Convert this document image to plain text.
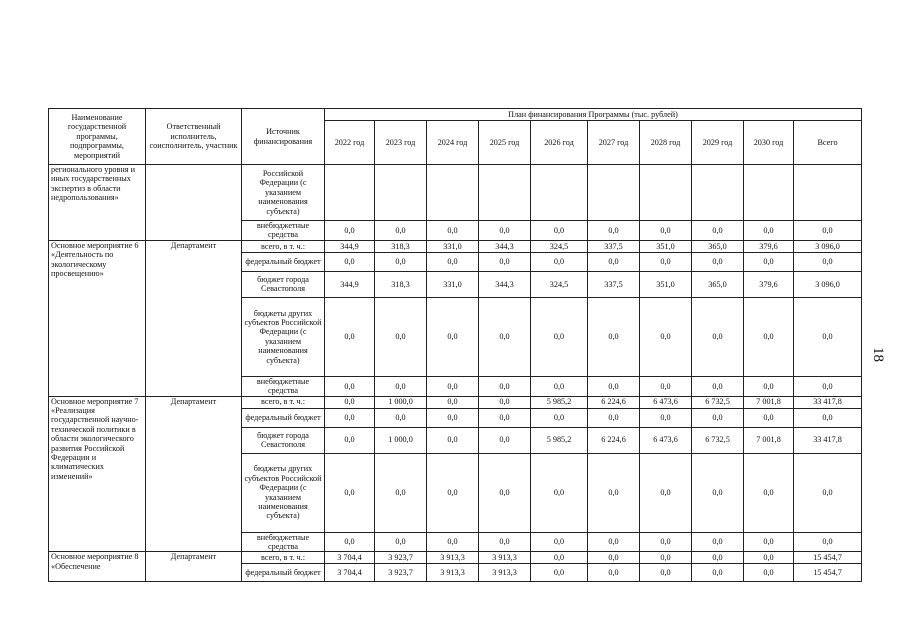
Наименование государственной программы, подпрограммы, мероприятий	Ответственный исполнитель, соисполнитель, участник	Источник финансирования	План финансирования Программы (тыс. рублей)									
			2022 год	2023 год	2024 год	2025 год	2026 год	2027 год	2028 год	2029 год	2030 год	Всего
регионального уровня и иных государственных экспертиз в области недропользования»		Российской Федерации (с указанием наименования субъекта)										
		внебюджетные средства	0,0	0,0	0,0	0,0	0,0	0,0	0,0	0,0	0,0	0,0
Основное мероприятие 6 «Деятельность по экологическому просвещению»	Департамент	всего, в т. ч.:	344,9	318,3	331,0	344,3	324,5	337,5	351,0	365,0	379,6	3 096,0
		федеральный бюджет	0,0	0,0	0,0	0,0	0,0	0,0	0,0	0,0	0,0	0,0
		бюджет города Севастополя	344,9	318,3	331,0	344,3	324,5	337,5	351,0	365,0	379,6	3 096,0
		бюджеты других субъектов Российской Федерации (с указанием наименования субъекта)	0,0	0,0	0,0	0,0	0,0	0,0	0,0	0,0	0,0	0,0
		внебюджетные средства	0,0	0,0	0,0	0,0	0,0	0,0	0,0	0,0	0,0	0,0
Основное мероприятие 7 «Реализация государственной научно-технической политики в области экологического развития Российской Федерации и климатических изменений»	Департамент	всего, в т. ч.:	0,0	1 000,0	0,0	0,0	5 985,2	6 224,6	6 473,6	6 732,5	7 001,8	33 417,8
		федеральный бюджет	0,0	0,0	0,0	0,0	0,0	0,0	0,0	0,0	0,0	0,0
		бюджет города Севастополя	0,0	1 000,0	0,0	0,0	5 985,2	6 224,6	6 473,6	6 732,5	7 001,8	33 417,8
		бюджеты других субъектов Российской Федерации (с указанием наименования субъекта)	0,0	0,0	0,0	0,0	0,0	0,0	0,0	0,0	0,0	0,0
		внебюджетные средства	0,0	0,0	0,0	0,0	0,0	0,0	0,0	0,0	0,0	0,0
Основное мероприятие 8 «Обеспечение	Департамент	всего, в т. ч.:	3 704,4	3 923,7	3 913,3	3 913,3	0,0	0,0	0,0	0,0	0,0	15 454,7
		федеральный бюджет	3 704,4	3 923,7	3 913,3	3 913,3	0,0	0,0	0,0	0,0	0,0	15 454,7
18
